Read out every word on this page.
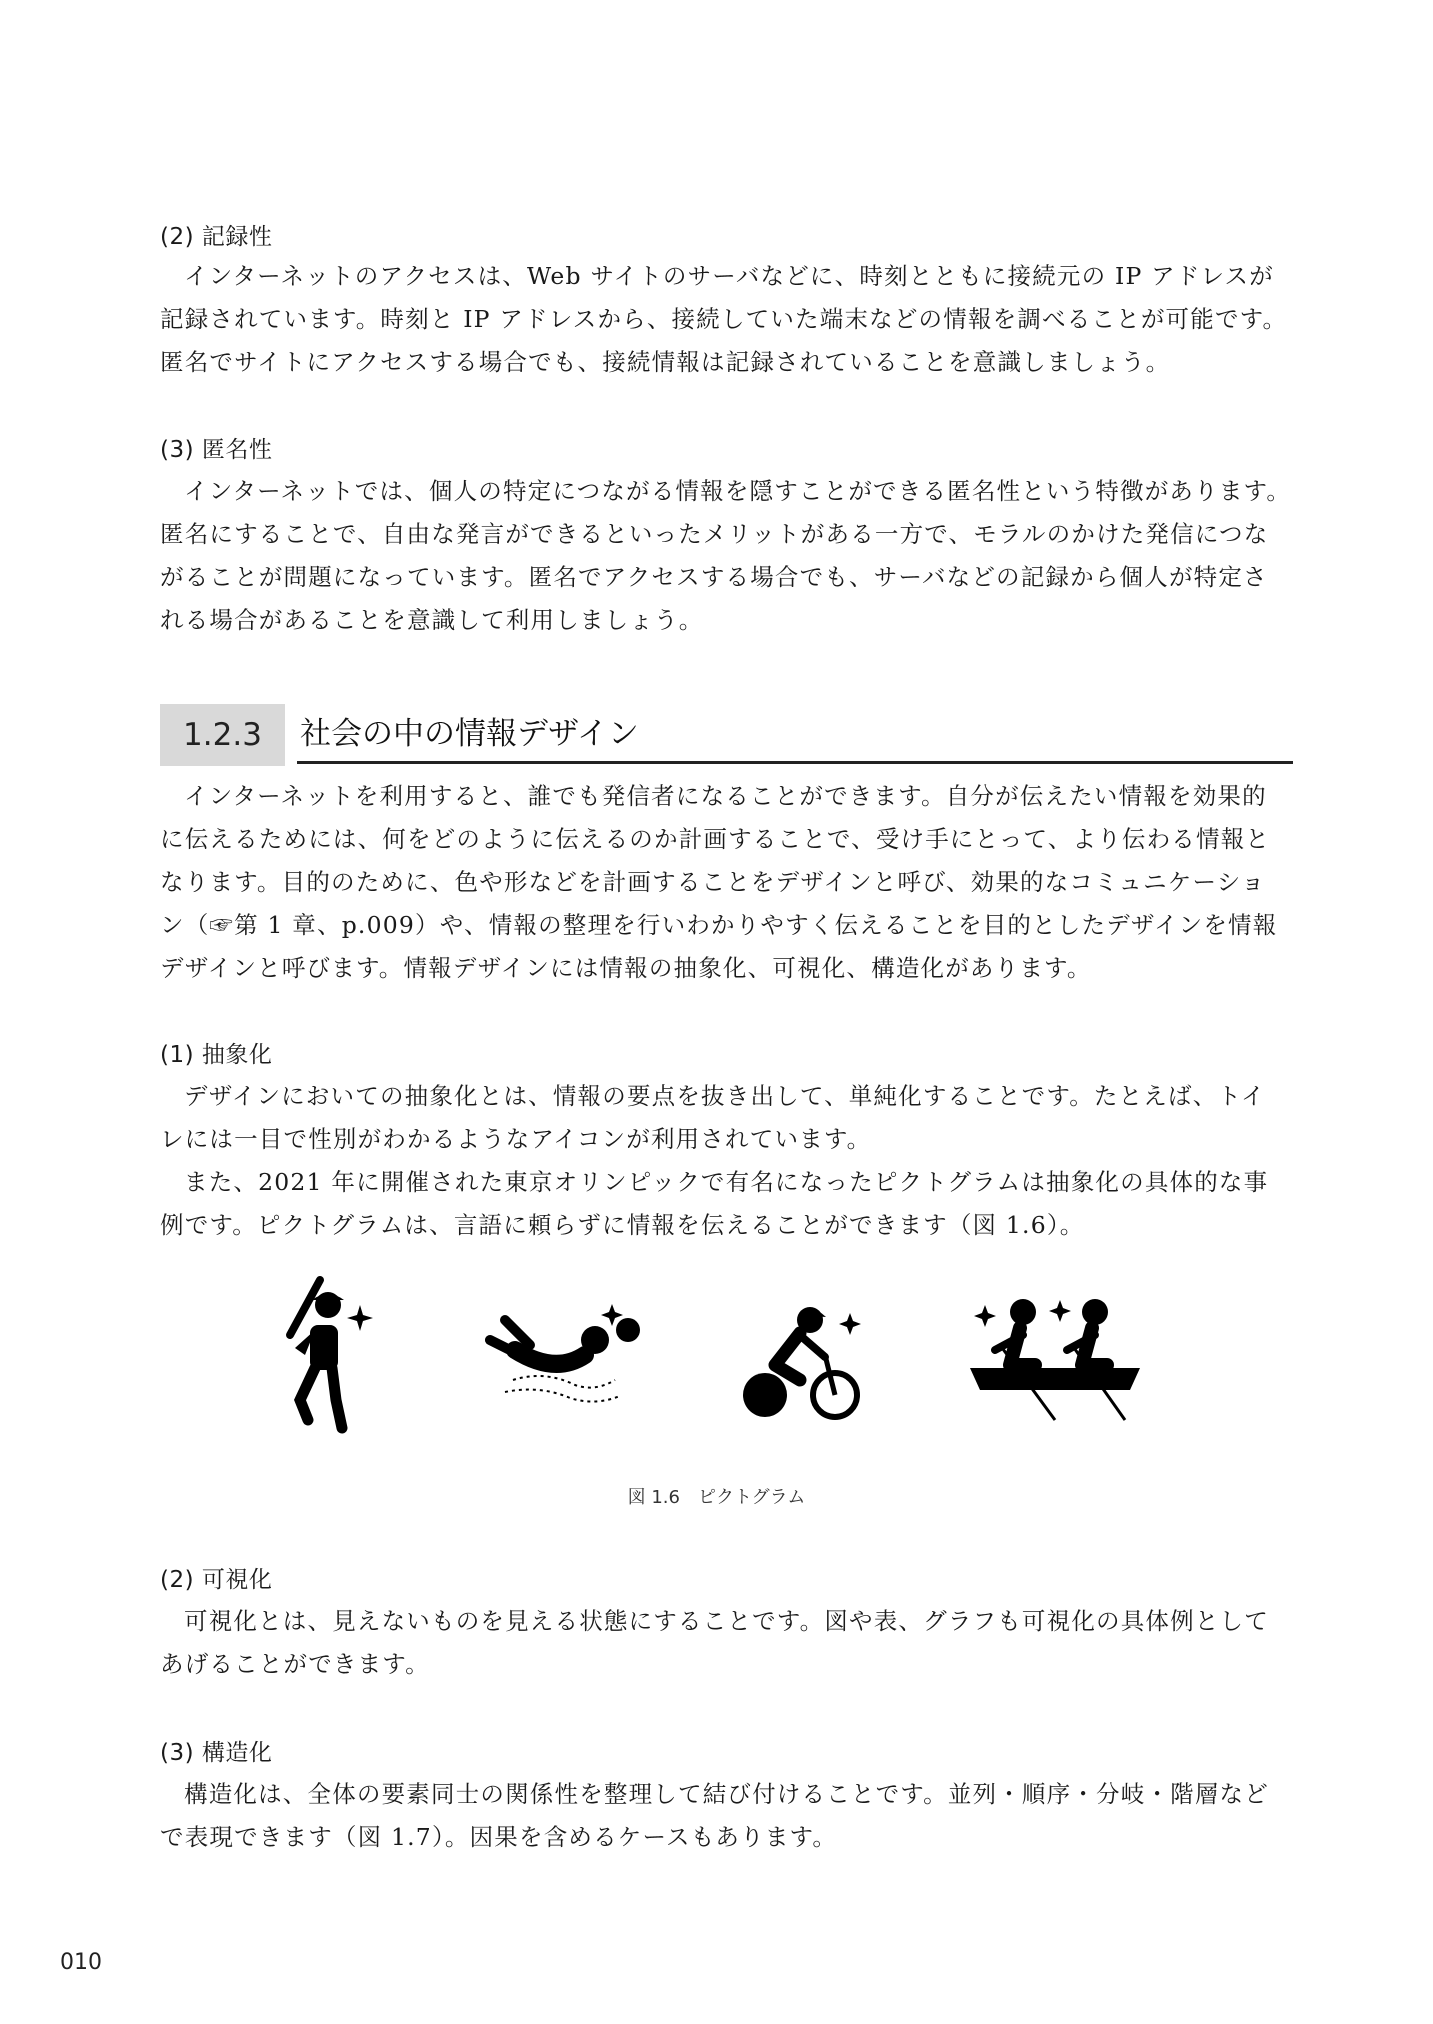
(2) 記録性

インターネットのアクセスは、Web サイトのサーバなどに、時刻とともに接続元の IP アドレスが
記録されています。時刻と IP アドレスから、接続していた端末などの情報を調べることが可能です。
匿名でサイトにアクセスする場合でも、接続情報は記録されていることを意識しましょう。

(3) 匿名性

インターネットでは、個人の特定につながる情報を隠すことができる匿名性という特徴があります。
匿名にすることで、自由な発言ができるといったメリットがある一方で、モラルのかけた発信につな
がることが問題になっています。匿名でアクセスする場合でも、サーバなどの記録から個人が特定さ
れる場合があることを意識して利用しましょう。

1.2.3	社会の中の情報デザイン

インターネットを利用すると、誰でも発信者になることができます。自分が伝えたい情報を効果的
に伝えるためには、何をどのように伝えるのか計画することで、受け手にとって、より伝わる情報と
なります。目的のために、色や形などを計画することをデザインと呼び、効果的なコミュニケーショ
ン（☞第 1 章、p.009）や、情報の整理を行いわかりやすく伝えることを目的としたデザインを情報
デザインと呼びます。情報デザインには情報の抽象化、可視化、構造化があります。

(1) 抽象化

デザインにおいての抽象化とは、情報の要点を抜き出して、単純化することです。たとえば、トイ
レには一目で性別がわかるようなアイコンが利用されています。
また、2021 年に開催された東京オリンピックで有名になったピクトグラムは抽象化の具体的な事
例です。ピクトグラムは、言語に頼らずに情報を伝えることができます（図 1.6）。

図 1.6　ピクトグラム
(2) 可視化

可視化とは、見えないものを見える状態にすることです。図や表、グラフも可視化の具体例として
あげることができます。

(3) 構造化

構造化は、全体の要素同士の関係性を整理して結び付けることです。並列・順序・分岐・階層など
で表現できます（図 1.7）。因果を含めるケースもあります。

010
